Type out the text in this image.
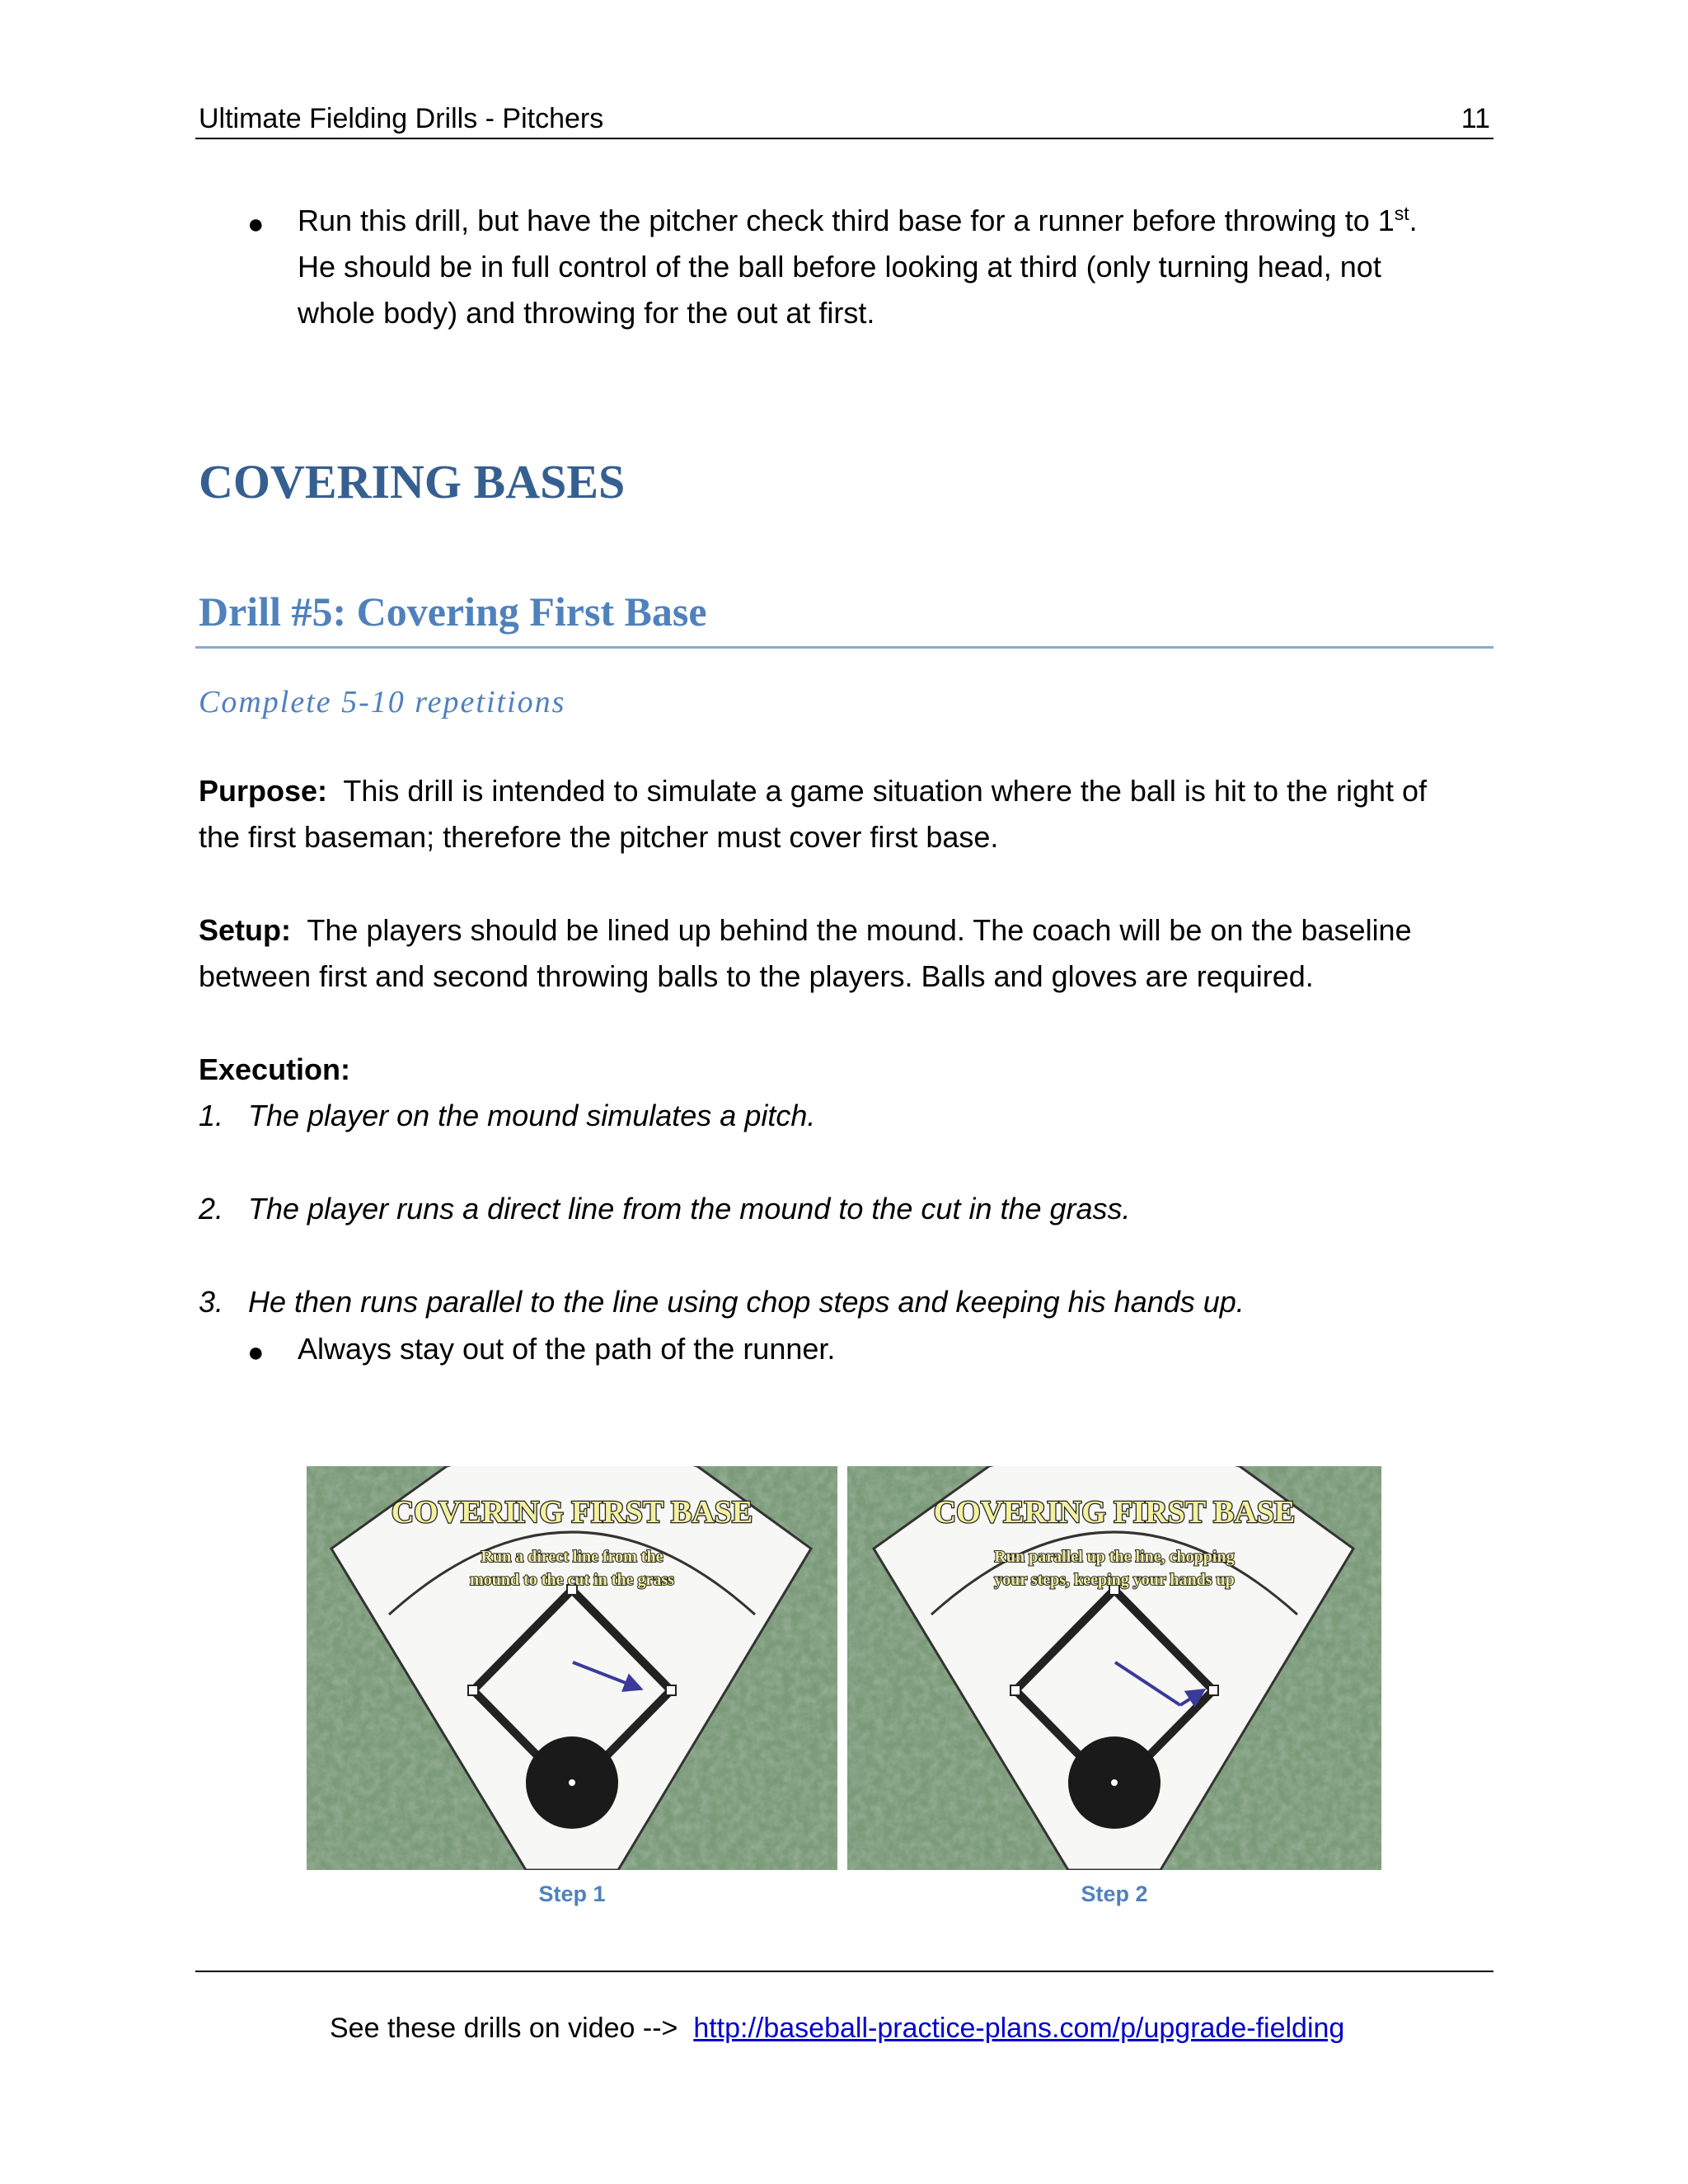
Ultimate Fielding Drills - Pitchers	11
● Run this drill, but have the pitcher check third base for a runner before throwing to 1st.
He should be in full control of the ball before looking at third (only turning head, not
whole body) and throwing for the out at first.
COVERING BASES
Drill #5: Covering First Base
Complete 5-10 repetitions
Purpose: This drill is intended to simulate a game situation where the ball is hit to the right of
the first baseman; therefore the pitcher must cover first base.
Setup: The players should be lined up behind the mound. The coach will be on the baseline
between first and second throwing balls to the players. Balls and gloves are required.
Execution:
1. The player on the mound simulates a pitch.
2. The player runs a direct line from the mound to the cut in the grass.
3. He then runs parallel to the line using chop steps and keeping his hands up.
● Always stay out of the path of the runner.
COVERING FIRST BASE
Run a direct line from the
mound to the cut in the grass
Step 1
COVERING FIRST BASE
Run parallel up the line, chopping
your steps, keeping your hands up
Step 2
See these drills on video --> http://baseball-practice-plans.com/p/upgrade-fielding
